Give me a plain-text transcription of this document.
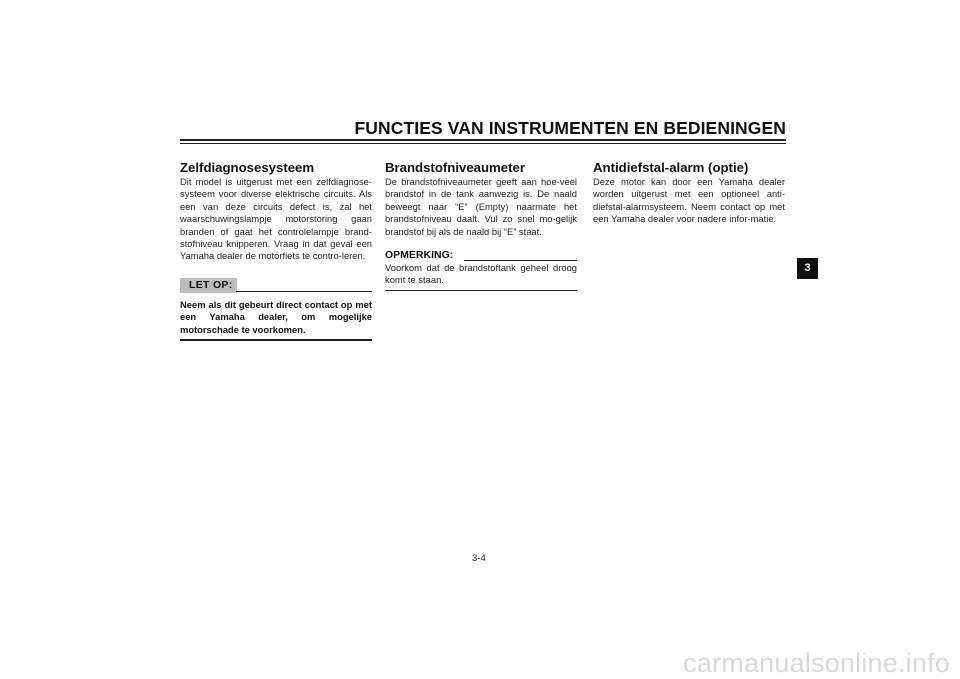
FUNCTIES VAN INSTRUMENTEN EN BEDIENINGEN
Zelfdiagnosesysteem

Dit model is uitgerust met een zelfdiagnose-systeem voor diverse elektrische circuits. Als een van deze circuits defect is, zal het waarschuwingslampje motorstoring gaan branden of gaat het controlelampje brand-stofniveau knipperen. Vraag in dat geval een Yamaha dealer de motorfiets te contro-leren.

LET OP:
Neem als dit gebeurt direct contact op met een Yamaha dealer, om mogelijke motorschade te voorkomen.
Brandstofniveaumeter

De brandstofniveaumeter geeft aan hoe-veel brandstof in de tank aanwezig is. De naald beweegt naar “E” (Empty) naarmate het brandstofniveau daalt. Vul zo snel mo-gelijk brandstof bij als de naald bij “E” staat.

OPMERKING:

Voorkom dat de brandstoftank geheel droog komt te staan.

Antidiefstal-alarm (optie)

Deze motor kan door een Yamaha dealer worden uitgerust met een optioneel anti-diefstal-alarmsysteem. Neem contact op met een Yamaha dealer voor nadere infor-matie.

3
3-4
carmanualsonline.info
